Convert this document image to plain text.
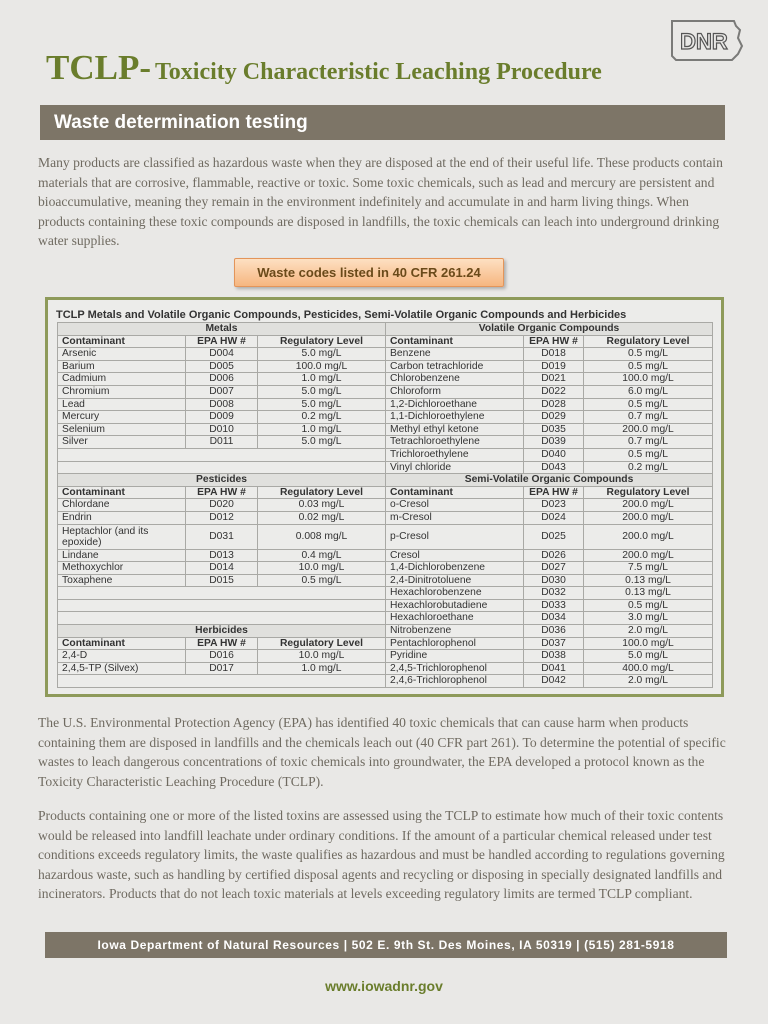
TCLP- Toxicity Characteristic Leaching Procedure
DNR
Waste determination testing
Many products are classified as hazardous waste when they are disposed at the end of their useful life. These products contain materials that are corrosive, flammable, reactive or toxic. Some toxic chemicals, such as lead and mercury are persistent and bioaccumulative, meaning they remain in the environment indefinitely and accumulate in and harm living things. When products containing these toxic compounds are disposed in landfills, the toxic chemicals can leach into underground drinking water supplies.
Waste codes listed in 40 CFR 261.24
TCLP Metals and Volatile Organic Compounds, Pesticides, Semi-Volatile Organic Compounds and Herbicides
Metals			Volatile Organic Compounds		
Contaminant	EPA HW #	Regulatory Level	Contaminant	EPA HW #	Regulatory Level
Arsenic	D004	5.0 mg/L	Benzene	D018	0.5 mg/L
Barium	D005	100.0 mg/L	Carbon tetrachloride	D019	0.5 mg/L
Cadmium	D006	1.0 mg/L	Chlorobenzene	D021	100.0 mg/L
Chromium	D007	5.0 mg/L	Chloroform	D022	6.0 mg/L
Lead	D008	5.0 mg/L	1,2-Dichloroethane	D028	0.5 mg/L
Mercury	D009	0.2 mg/L	1,1-Dichloroethylene	D029	0.7 mg/L
Selenium	D010	1.0 mg/L	Methyl ethyl ketone	D035	200.0 mg/L
Silver	D011	5.0 mg/L	Tetrachloroethylene	D039	0.7 mg/L
			Trichloroethylene	D040	0.5 mg/L
			Vinyl chloride	D043	0.2 mg/L
Pesticides			Semi-Volatile Organic Compounds		
Contaminant	EPA HW #	Regulatory Level	Contaminant	EPA HW #	Regulatory Level
Chlordane	D020	0.03 mg/L	o-Cresol	D023	200.0 mg/L
Endrin	D012	0.02 mg/L	m-Cresol	D024	200.0 mg/L
Heptachlor (and its epoxide)	D031	0.008 mg/L	p-Cresol	D025	200.0 mg/L
Lindane	D013	0.4 mg/L	Cresol	D026	200.0 mg/L
Methoxychlor	D014	10.0 mg/L	1,4-Dichlorobenzene	D027	7.5 mg/L
Toxaphene	D015	0.5 mg/L	2,4-Dinitrotoluene	D030	0.13 mg/L
			Hexachlorobenzene	D032	0.13 mg/L
			Hexachlorobutadiene	D033	0.5 mg/L
			Hexachloroethane	D034	3.0 mg/L
Herbicides			Nitrobenzene	D036	2.0 mg/L
Contaminant	EPA HW #	Regulatory Level	Pentachlorophenol	D037	100.0 mg/L
2,4-D	D016	10.0 mg/L	Pyridine	D038	5.0 mg/L
2,4,5-TP (Silvex)	D017	1.0 mg/L	2,4,5-Trichlorophenol	D041	400.0 mg/L
			2,4,6-Trichlorophenol	D042	2.0 mg/L
The U.S. Environmental Protection Agency (EPA) has identified 40 toxic chemicals that can cause harm when products containing them are disposed in landfills and the chemicals leach out (40 CFR part 261). To determine the potential of specific wastes to leach dangerous concentrations of toxic chemicals into groundwater, the EPA developed a protocol known as the Toxicity Characteristic Leaching Procedure (TCLP).
Products containing one or more of the listed toxins are assessed using the TCLP to estimate how much of their toxic contents would be released into landfill leachate under ordinary conditions. If the amount of a particular chemical released under test conditions exceeds regulatory limits, the waste qualifies as hazardous and must be handled according to regulations governing hazardous waste, such as handling by certified disposal agents and recycling or disposing in specially designated landfills and incinerators. Products that do not leach toxic materials at levels exceeding regulatory limits are termed TCLP compliant.
Iowa Department of Natural Resources | 502 E. 9th St. Des Moines, IA 50319 | (515) 281-5918
www.iowadnr.gov
